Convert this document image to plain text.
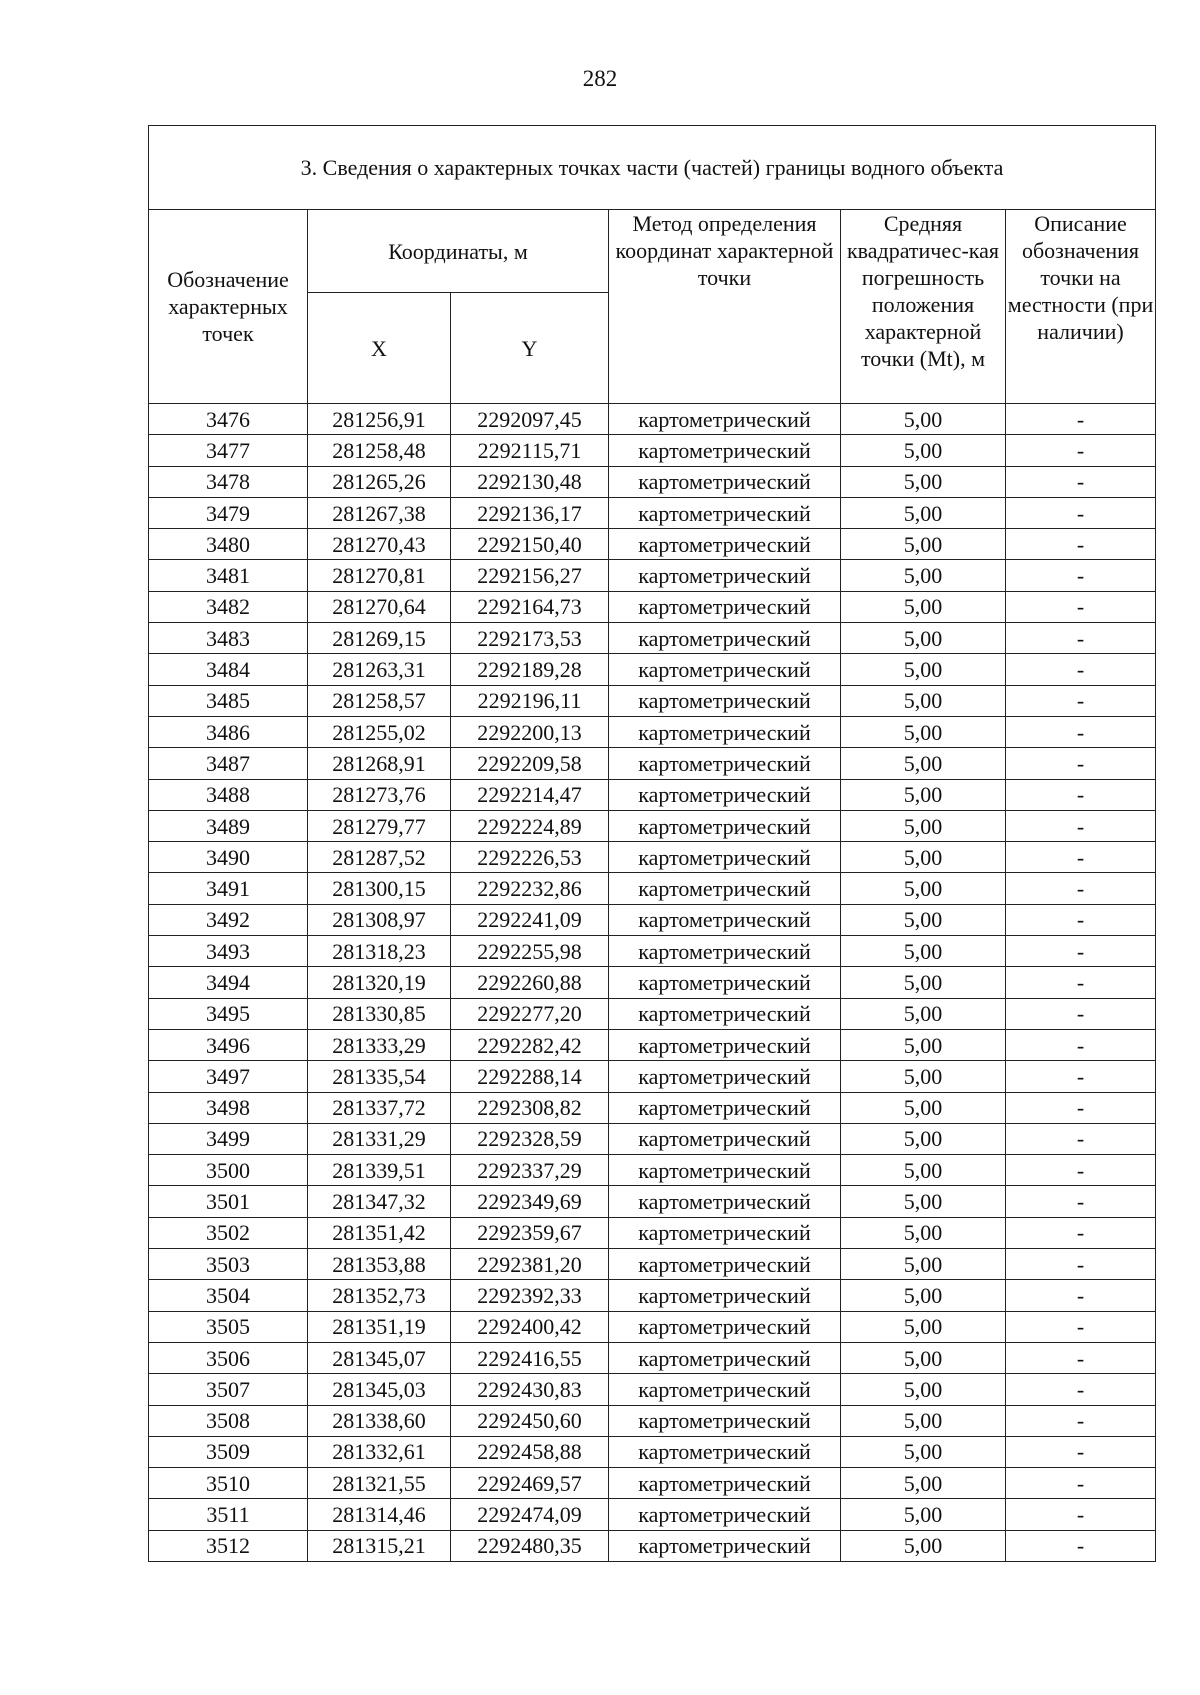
282
3. Сведения о характерных точках части (частей) границы водного объекта					
Обозначение характерных точек	Координаты, м		Метод определения координат характерной точки	Средняя квадратичес-кая погрешность положения характерной точки (Mt), м	Описание обозначения точки на местности (при наличии)
	X	Y			
3476	281256,91	2292097,45	картометрический	5,00	-
3477	281258,48	2292115,71	картометрический	5,00	-
3478	281265,26	2292130,48	картометрический	5,00	-
3479	281267,38	2292136,17	картометрический	5,00	-
3480	281270,43	2292150,40	картометрический	5,00	-
3481	281270,81	2292156,27	картометрический	5,00	-
3482	281270,64	2292164,73	картометрический	5,00	-
3483	281269,15	2292173,53	картометрический	5,00	-
3484	281263,31	2292189,28	картометрический	5,00	-
3485	281258,57	2292196,11	картометрический	5,00	-
3486	281255,02	2292200,13	картометрический	5,00	-
3487	281268,91	2292209,58	картометрический	5,00	-
3488	281273,76	2292214,47	картометрический	5,00	-
3489	281279,77	2292224,89	картометрический	5,00	-
3490	281287,52	2292226,53	картометрический	5,00	-
3491	281300,15	2292232,86	картометрический	5,00	-
3492	281308,97	2292241,09	картометрический	5,00	-
3493	281318,23	2292255,98	картометрический	5,00	-
3494	281320,19	2292260,88	картометрический	5,00	-
3495	281330,85	2292277,20	картометрический	5,00	-
3496	281333,29	2292282,42	картометрический	5,00	-
3497	281335,54	2292288,14	картометрический	5,00	-
3498	281337,72	2292308,82	картометрический	5,00	-
3499	281331,29	2292328,59	картометрический	5,00	-
3500	281339,51	2292337,29	картометрический	5,00	-
3501	281347,32	2292349,69	картометрический	5,00	-
3502	281351,42	2292359,67	картометрический	5,00	-
3503	281353,88	2292381,20	картометрический	5,00	-
3504	281352,73	2292392,33	картометрический	5,00	-
3505	281351,19	2292400,42	картометрический	5,00	-
3506	281345,07	2292416,55	картометрический	5,00	-
3507	281345,03	2292430,83	картометрический	5,00	-
3508	281338,60	2292450,60	картометрический	5,00	-
3509	281332,61	2292458,88	картометрический	5,00	-
3510	281321,55	2292469,57	картометрический	5,00	-
3511	281314,46	2292474,09	картометрический	5,00	-
3512	281315,21	2292480,35	картометрический	5,00	-
